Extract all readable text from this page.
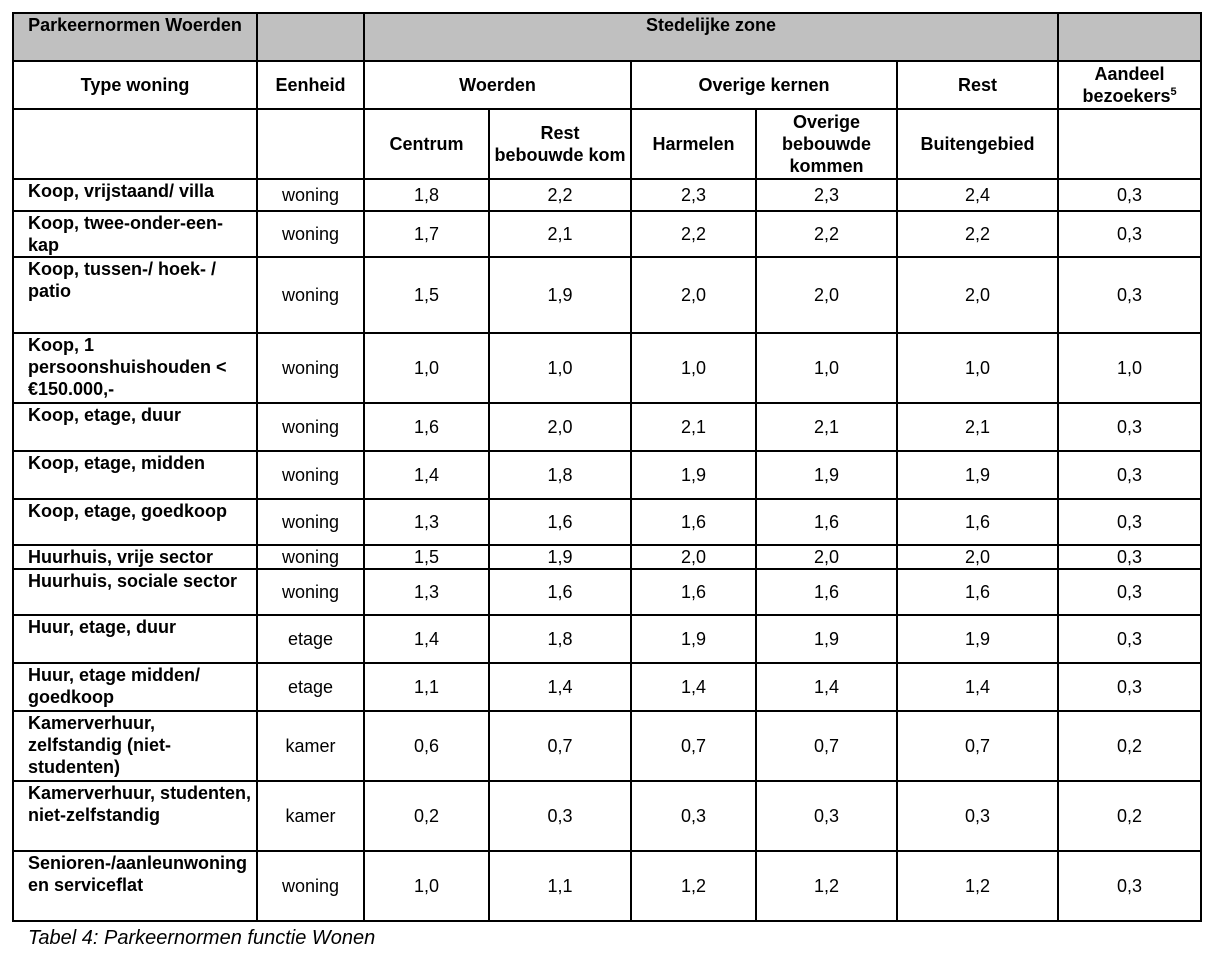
Parkeernormen Woerden		Stedelijke zone					
Type woning	Eenheid	Woerden		Overige kernen		Rest	Aandeel bezoekers$^5$
		Centrum	Rest bebouwde kom	Harmelen	Overige bebouwde kommen	Buitengebied	
Koop, vrijstaand/ villa	woning	1,8	2,2	2,3	2,3	2,4	0,3
Koop, twee-onder-een-kap	woning	1,7	2,1	2,2	2,2	2,2	0,3
Koop, tussen-/ hoek- / patio	woning	1,5	1,9	2,0	2,0	2,0	0,3
Koop, 1 persoonshuishouden < €150.000,-	woning	1,0	1,0	1,0	1,0	1,0	1,0
Koop, etage, duur	woning	1,6	2,0	2,1	2,1	2,1	0,3
Koop, etage, midden	woning	1,4	1,8	1,9	1,9	1,9	0,3
Koop, etage, goedkoop	woning	1,3	1,6	1,6	1,6	1,6	0,3
Huurhuis, vrije sector	woning	1,5	1,9	2,0	2,0	2,0	0,3
Huurhuis, sociale sector	woning	1,3	1,6	1,6	1,6	1,6	0,3
Huur, etage, duur	etage	1,4	1,8	1,9	1,9	1,9	0,3
Huur, etage midden/ goedkoop	etage	1,1	1,4	1,4	1,4	1,4	0,3
Kamerverhuur, zelfstandig (niet-studenten)	kamer	0,6	0,7	0,7	0,7	0,7	0,2
Kamerverhuur, studenten, niet-zelfstandig	kamer	0,2	0,3	0,3	0,3	0,3	0,2
Senioren-/aanleunwoning en serviceflat	woning	1,0	1,1	1,2	1,2	1,2	0,3
Tabel 4: Parkeernormen functie Wonen
